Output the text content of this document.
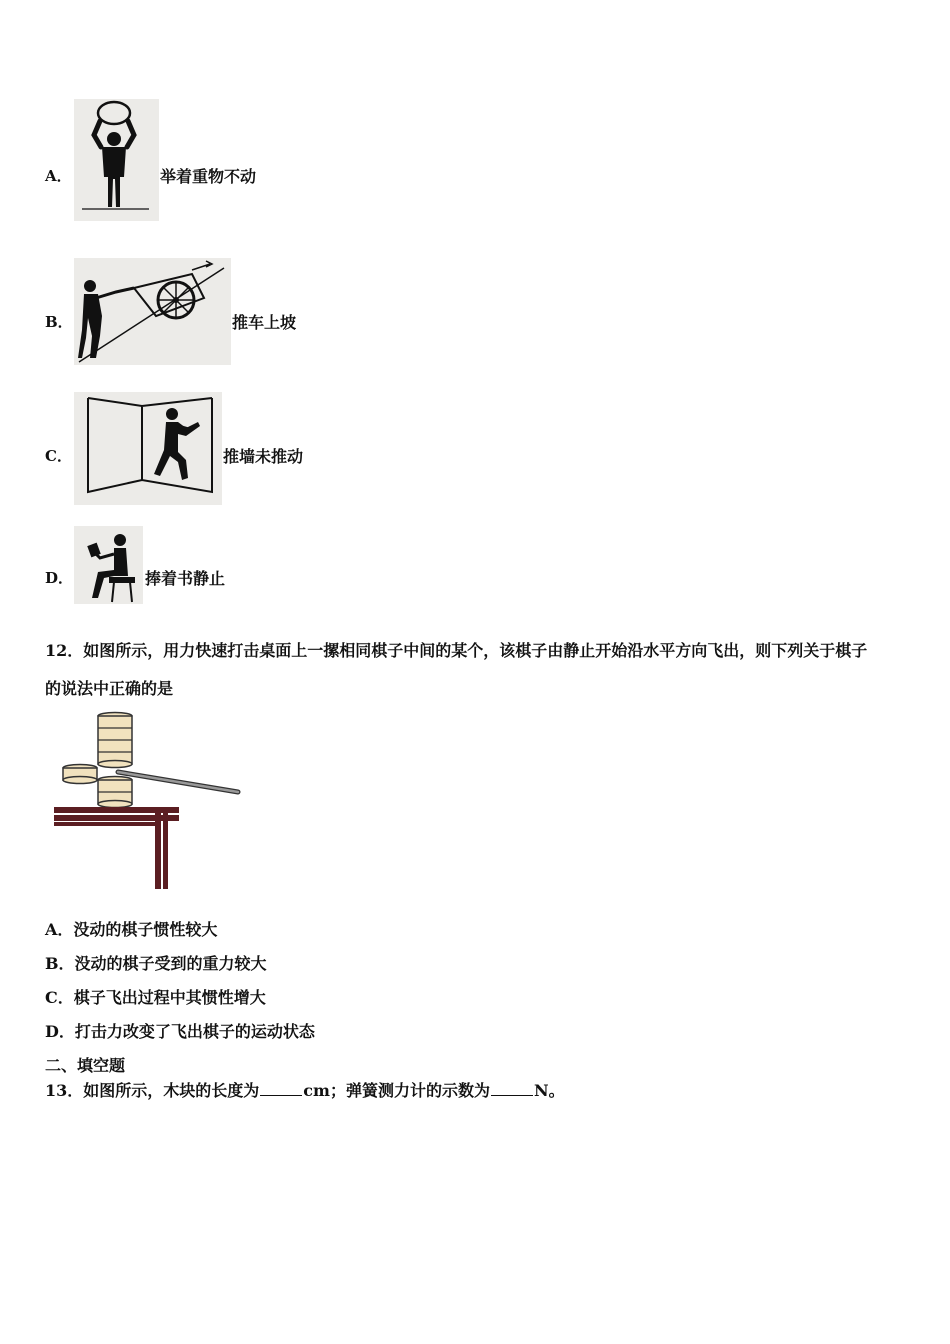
A．	举着重物不动
B．	推车上坡
C．	推墙未推动
D．	捧着书静止
12．如图所示，用力快速打击桌面上一摞相同棋子中间的某个，该棋子由静止开始沿水平方向飞出，则下列关于棋子
的说法中正确的是
A．没动的棋子惯性较大
B．没动的棋子受到的重力较大
C．棋子飞出过程中其惯性增大
D．打击力改变了飞出棋子的运动状态
二、填空题
13．如图所示，木块的长度为	cm；弹簧测力计的示数为	N。
